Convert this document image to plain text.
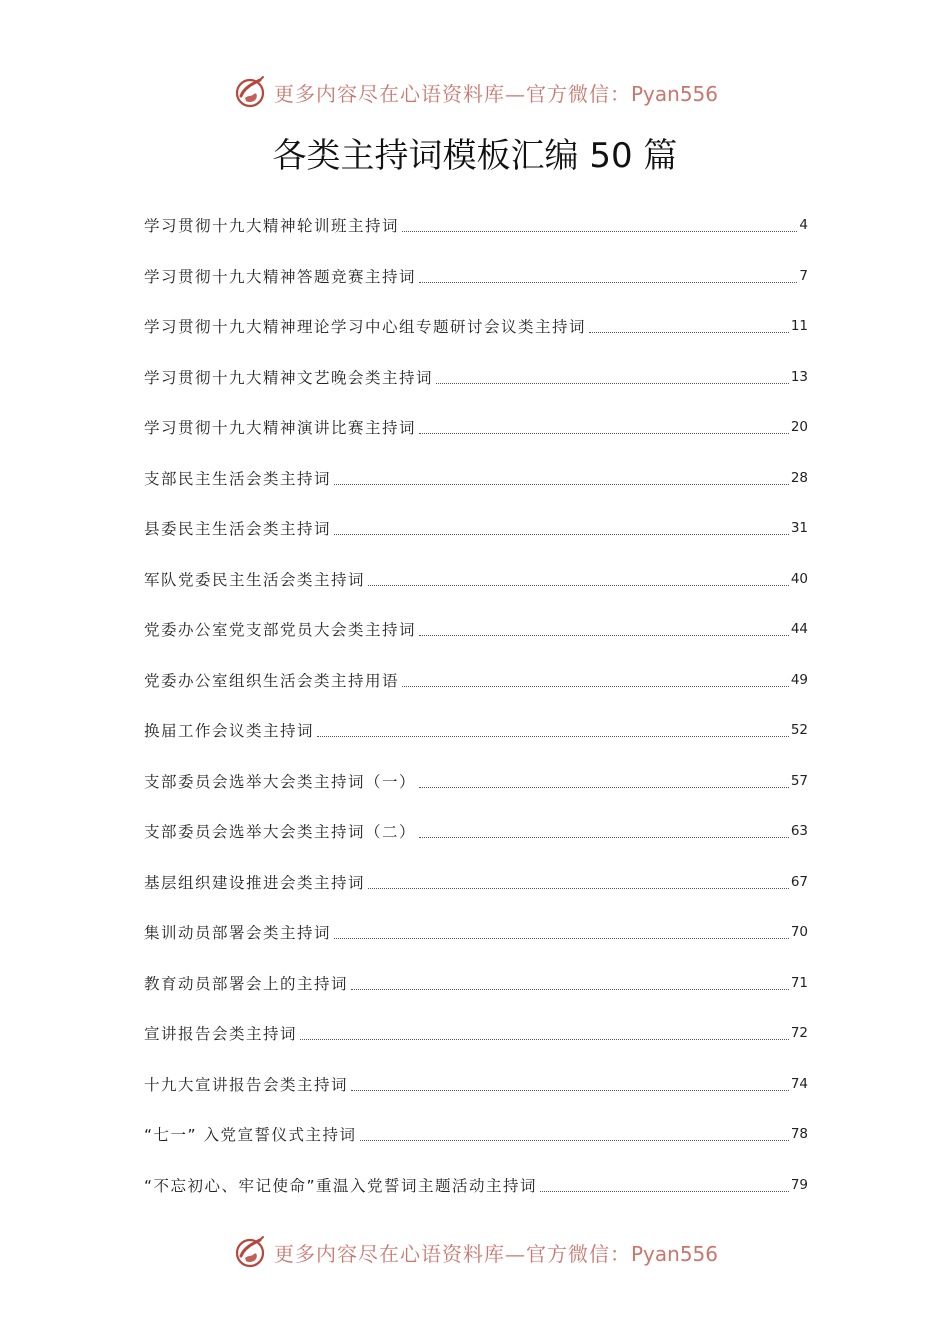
更多内容尽在心语资料库—官方微信：Pyan556
各类主持词模板汇编 50 篇
学习贯彻十九大精神轮训班主持词	4
学习贯彻十九大精神答题竞赛主持词	7
学习贯彻十九大精神理论学习中心组专题研讨会议类主持词	11
学习贯彻十九大精神文艺晚会类主持词	13
学习贯彻十九大精神演讲比赛主持词	20
支部民主生活会类主持词	28
县委民主生活会类主持词	31
军队党委民主生活会类主持词	40
党委办公室党支部党员大会类主持词	44
党委办公室组织生活会类主持用语	49
换届工作会议类主持词	52
支部委员会选举大会类主持词（一）	57
支部委员会选举大会类主持词（二）	63
基层组织建设推进会类主持词	67
集训动员部署会类主持词	70
教育动员部署会上的主持词	71
宣讲报告会类主持词	72
十九大宣讲报告会类主持词	74
“七一” 入党宣誓仪式主持词	78
“不忘初心、牢记使命”重温入党誓词主题活动主持词	79
更多内容尽在心语资料库—官方微信：Pyan556
